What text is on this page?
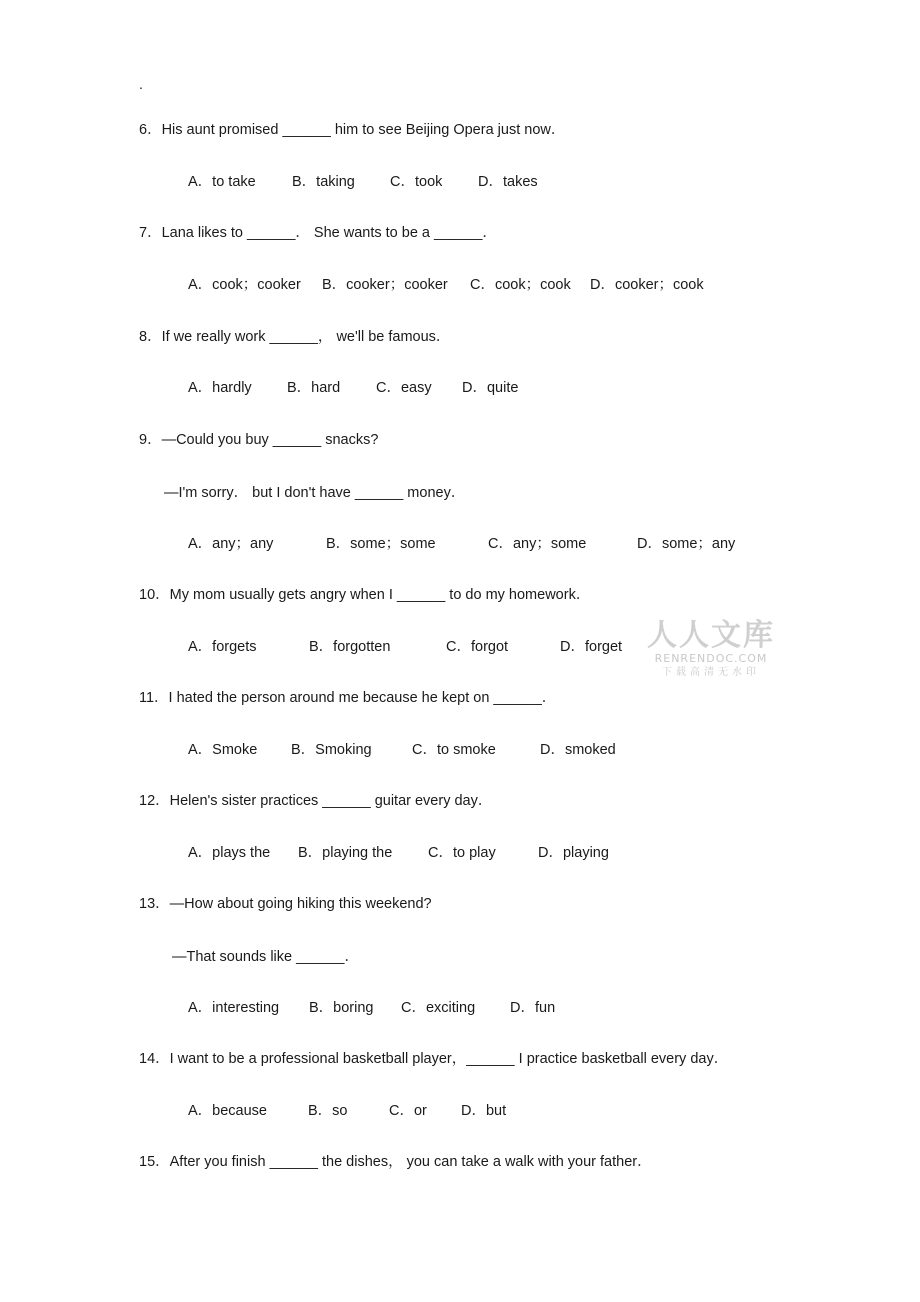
.
6．His aunt promised ______ him to see Beijing Opera just now．
A．to take	B．taking C．took D．takes
7．Lana likes to ______． She wants to be a ______．
A．cook；cooker B．cooker；cooker C．cook；cook D．cooker；cook
8．If we really work ______， we'll be famous．
A．hardly B．hard C．easy D．quite
9．—Could you buy ______ snacks?
—I'm sorry． but I don't have ______ money．
A．any；any	B．some；some	C．any；some	D．some；any
10．My mom usually gets angry when I ______ to do my homework．
A．forgets	B．forgotten	C．forgot	D．forget 人人文库
RENRENDOC.COM
下载高清无水印
11．I hated the person around me because he kept on ______．
A．Smoke B．Smoking	C．to smoke	D．smoked
12．Helen's sister practices ______ guitar every day．
A．plays the B．playing the C．to play	D．playing
13．—How about going hiking this weekend?
—That sounds like ______．
A．interesting B．boring C．exciting D．fun
14．I want to be a professional basketball player，______ I practice basketball every day．
A．because	B．so	C．or D．but
15．After you finish ______ the dishes， you can take a walk with your father．
